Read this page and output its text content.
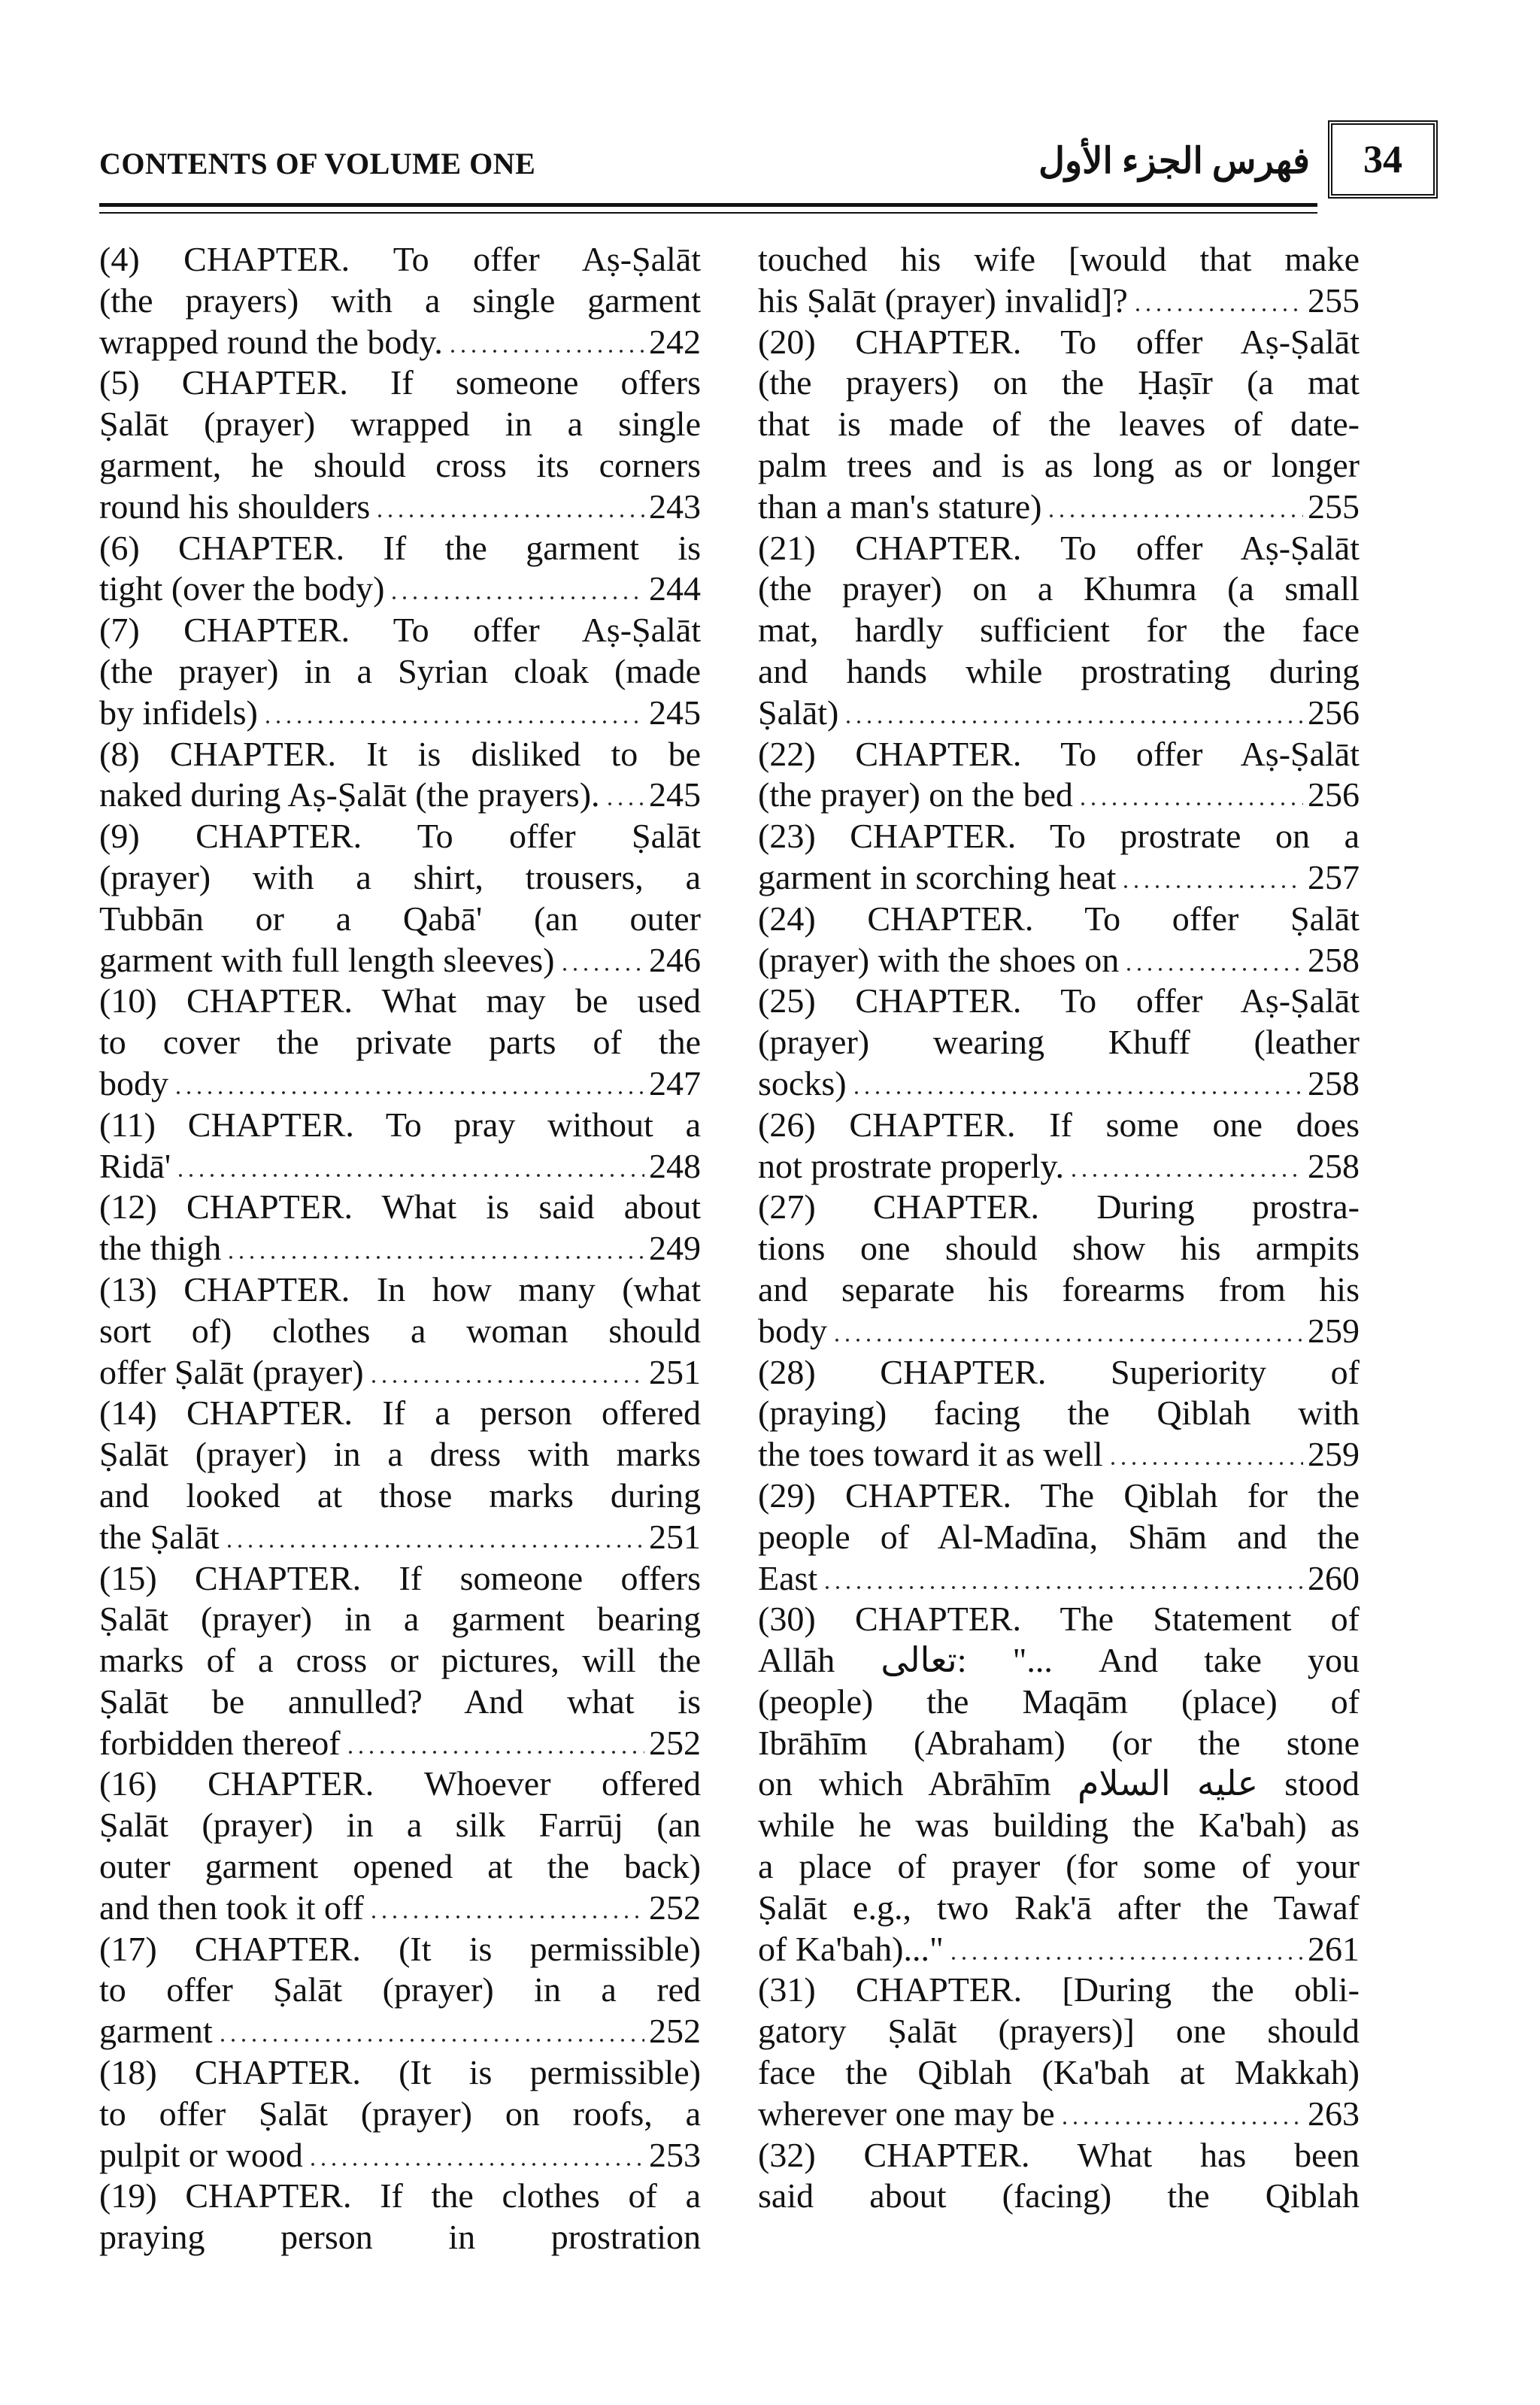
CONTENTS OF VOLUME ONE	فهرس الجزء الأول 34
(4) CHAPTER. To offer Aṣ-Ṣalāt
(the prayers) with a single garment
wrapped round the body.	242
(5) CHAPTER. If someone offers
Ṣalāt (prayer) wrapped in a single
garment, he should cross its corners
round his shoulders	243
(6) CHAPTER. If the garment is
tight (over the body)	244
(7) CHAPTER. To offer Aṣ-Ṣalāt
(the prayer) in a Syrian cloak (made
by infidels)	245
(8) CHAPTER. It is disliked to be
naked during Aṣ-Ṣalāt (the prayers). 245
(9) CHAPTER. To offer Ṣalāt
(prayer) with a shirt, trousers, a
Tubbān or a Qabā' (an outer
garment with full length sleeves)	246
(10) CHAPTER. What may be used
to cover the private parts of the
body	247
(11) CHAPTER. To pray without a
Ridā'	248
(12) CHAPTER. What is said about
the thigh	249
(13) CHAPTER. In how many (what
sort of) clothes a woman should
offer Ṣalāt (prayer)	251
(14) CHAPTER. If a person offered
Ṣalāt (prayer) in a dress with marks
and looked at those marks during
the Ṣalāt	251
(15) CHAPTER. If someone offers
Ṣalāt (prayer) in a garment bearing
marks of a cross or pictures, will the
Ṣalāt be annulled? And what is
forbidden thereof	252
(16) CHAPTER. Whoever offered
Ṣalāt (prayer) in a silk Farrūj (an
outer garment opened at the back)
and then took it off	252
(17) CHAPTER. (It is permissible)
to offer Ṣalāt (prayer) in a red
garment	252
(18) CHAPTER. (It is permissible)
to offer Ṣalāt (prayer) on roofs, a
pulpit or wood	253
(19) CHAPTER. If the clothes of a
praying person in prostration
touched his wife [would that make
his Ṣalāt (prayer) invalid]?	255
(20) CHAPTER. To offer Aṣ-Ṣalāt
(the prayers) on the Ḥaṣīr (a mat
that is made of the leaves of date-
palm trees and is as long as or longer
than a man's stature)	255
(21) CHAPTER. To offer Aṣ-Ṣalāt
(the prayer) on a Khumra (a small
mat, hardly sufficient for the face
and hands while prostrating during
Ṣalāt)	256
(22) CHAPTER. To offer Aṣ-Ṣalāt
(the prayer) on the bed	256
(23) CHAPTER. To prostrate on a
garment in scorching heat	257
(24) CHAPTER. To offer Ṣalāt
(prayer) with the shoes on	258
(25) CHAPTER. To offer Aṣ-Ṣalāt
(prayer) wearing Khuff (leather
socks)	258
(26) CHAPTER. If some one does
not prostrate properly.	258
(27) CHAPTER. During prostra-
tions one should show his armpits
and separate his forearms from his
body	259
(28) CHAPTER. Superiority of
(praying) facing the Qiblah with
the toes toward it as well	259
(29) CHAPTER. The Qiblah for the
people of Al-Madīna, Shām and the
East	260
(30) CHAPTER. The Statement of
Allāh تعالى: "... And take you
(people) the Maqām (place) of
Ibrāhīm (Abraham) (or the stone
on which Abrāhīm عليه السلام stood
while he was building the Ka'bah) as
a place of prayer (for some of your
Ṣalāt e.g., two Rak'ā after the Tawaf
of Ka'bah)..."	261
(31) CHAPTER. [During the obli-
gatory Ṣalāt (prayers)] one should
face the Qiblah (Ka'bah at Makkah)
wherever one may be	263
(32) CHAPTER. What has been
said about (facing) the Qiblah
